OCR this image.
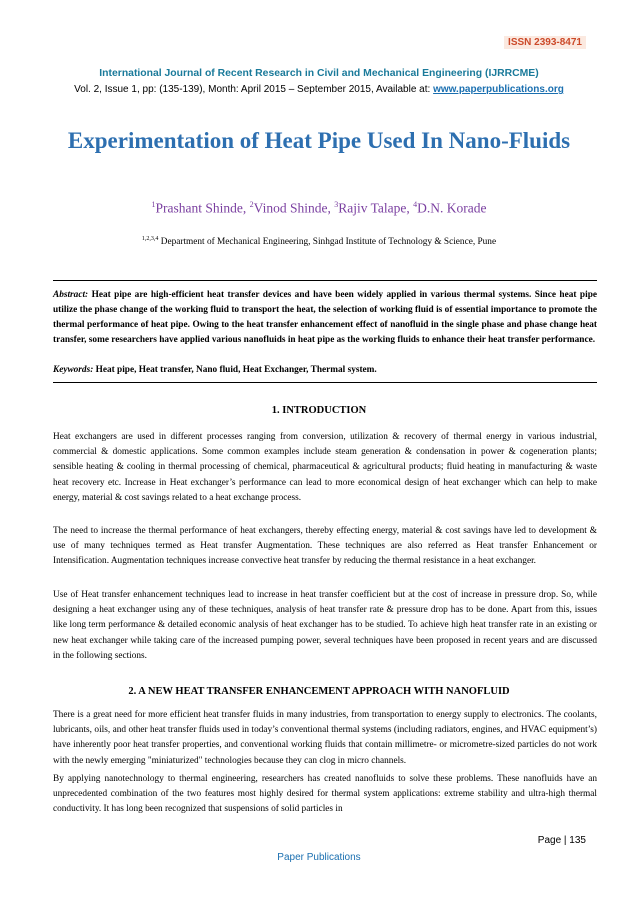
ISSN 2393-8471
International Journal of Recent Research in Civil and Mechanical Engineering (IJRRCME)
Vol. 2, Issue 1, pp: (135-139), Month: April 2015 – September 2015, Available at: www.paperpublications.org
Experimentation of Heat Pipe Used In Nano-Fluids
$^1$Prashant Shinde, $^2$Vinod Shinde, $^3$Rajiv Talape, $^4$D.N. Korade
$^{1,2,3,4}$ Department of Mechanical Engineering, Sinhgad Institute of Technology & Science, Pune
Abstract: Heat pipe are high-efficient heat transfer devices and have been widely applied in various thermal systems. Since heat pipe utilize the phase change of the working fluid to transport the heat, the selection of working fluid is of essential importance to promote the thermal performance of heat pipe. Owing to the heat transfer enhancement effect of nanofluid in the single phase and phase change heat transfer, some researchers have applied various nanofluids in heat pipe as the working fluids to enhance their heat transfer performance.
Keywords: Heat pipe, Heat transfer, Nano fluid, Heat Exchanger, Thermal system.
1. INTRODUCTION

Heat exchangers are used in different processes ranging from conversion, utilization & recovery of thermal energy in various industrial, commercial & domestic applications. Some common examples include steam generation & condensation in power & cogeneration plants; sensible heating & cooling in thermal processing of chemical, pharmaceutical & agricultural products; fluid heating in manufacturing & waste heat recovery etc. Increase in Heat exchanger’s performance can lead to more economical design of heat exchanger which can help to make energy, material & cost savings related to a heat exchange process.

The need to increase the thermal performance of heat exchangers, thereby effecting energy, material & cost savings have led to development & use of many techniques termed as Heat transfer Augmentation. These techniques are also referred as Heat transfer Enhancement or Intensification. Augmentation techniques increase convective heat transfer by reducing the thermal resistance in a heat exchanger.

Use of Heat transfer enhancement techniques lead to increase in heat transfer coefficient but at the cost of increase in pressure drop. So, while designing a heat exchanger using any of these techniques, analysis of heat transfer rate & pressure drop has to be done. Apart from this, issues like long term performance & detailed economic analysis of heat exchanger has to be studied. To achieve high heat transfer rate in an existing or new heat exchanger while taking care of the increased pumping power, several techniques have been proposed in recent years and are discussed in the following sections.

2. A NEW HEAT TRANSFER ENHANCEMENT APPROACH WITH NANOFLUID

There is a great need for more efficient heat transfer fluids in many industries, from transportation to energy supply to electronics. The coolants, lubricants, oils, and other heat transfer fluids used in today’s conventional thermal systems (including radiators, engines, and HVAC equipment’s) have inherently poor heat transfer properties, and conventional working fluids that contain millimetre- or micrometre-sized particles do not work with the newly emerging "miniaturized" technologies because they can clog in micro channels.

By applying nanotechnology to thermal engineering, researchers has created nanofluids to solve these problems. These nanofluids have an unprecedented combination of the two features most highly desired for thermal system applications: extreme stability and ultra-high thermal conductivity. It has long been recognized that suspensions of solid particles in

Page | 135
Paper Publications
